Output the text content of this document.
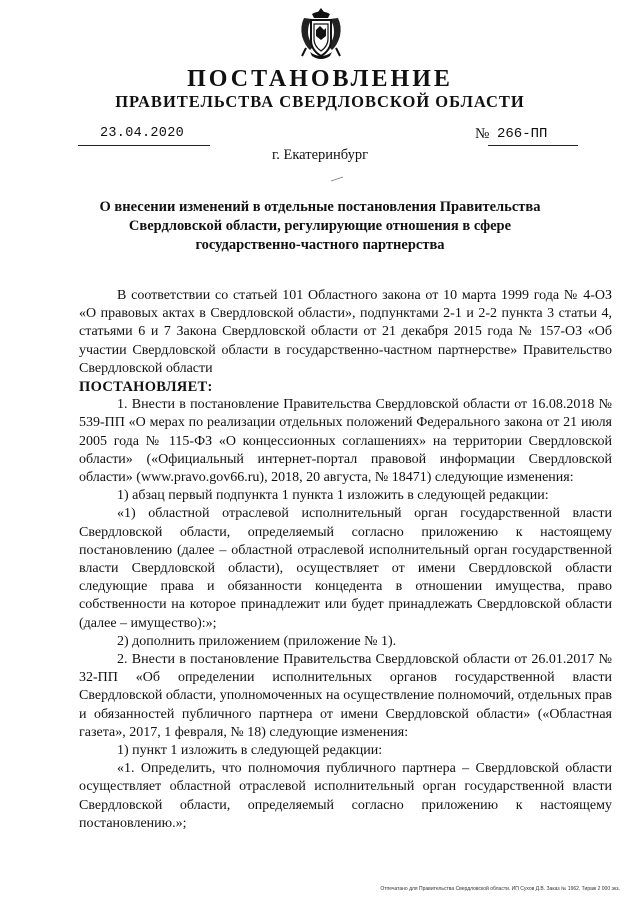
ПОСТАНОВЛЕНИЕ
ПРАВИТЕЛЬСТВА СВЕРДЛОВСКОЙ ОБЛАСТИ
23.04.2020	№ 266-ПП
г. Екатеринбург
О внесении изменений в отдельные постановления Правительства Свердловской области, регулирующие отношения в сфере государственно-частного партнерства

В соответствии со статьей 101 Областного закона от 10 марта 1999 года № 4-ОЗ «О правовых актах в Свердловской области», подпунктами 2-1 и 2-2 пункта 3 статьи 4, статьями 6 и 7 Закона Свердловской области от 21 декабря 2015 года № 157-ОЗ «Об участии Свердловской области в государственно-частном партнерстве» Правительство Свердловской области

ПОСТАНОВЛЯЕТ:

1. Внести в постановление Правительства Свердловской области от 16.08.2018 № 539-ПП «О мерах по реализации отдельных положений Федерального закона от 21 июля 2005 года № 115-ФЗ «О концессионных соглашениях» на территории Свердловской области» («Официальный интернет-портал правовой информации Свердловской области» (www.pravo.gov66.ru), 2018, 20 августа, № 18471) следующие изменения:

1) абзац первый подпункта 1 пункта 1 изложить в следующей редакции:

«1) областной отраслевой исполнительный орган государственной власти Свердловской области, определяемый согласно приложению к настоящему постановлению (далее – областной отраслевой исполнительный орган государственной власти Свердловской области), осуществляет от имени Свердловской области следующие права и обязанности концедента в отношении имущества, право собственности на которое принадлежит или будет принадлежать Свердловской области (далее – имущество):»;

2) дополнить приложением (приложение № 1).

2. Внести в постановление Правительства Свердловской области от 26.01.2017 № 32-ПП «Об определении исполнительных органов государственной власти Свердловской области, уполномоченных на осуществление полномочий, отдельных прав и обязанностей публичного партнера от имени Свердловской области» («Областная газета», 2017, 1 февраля, № 18) следующие изменения:

1) пункт 1 изложить в следующей редакции:

«1. Определить, что полномочия публичного партнера – Свердловской области осуществляет областной отраслевой исполнительный орган государственной власти Свердловской области, определяемый согласно приложению к настоящему постановлению.»;

Отпечатано для Правительства Свердловской области. ИП Сухов Д.В. Заказ № 1962. Тираж 2 000 экз.
